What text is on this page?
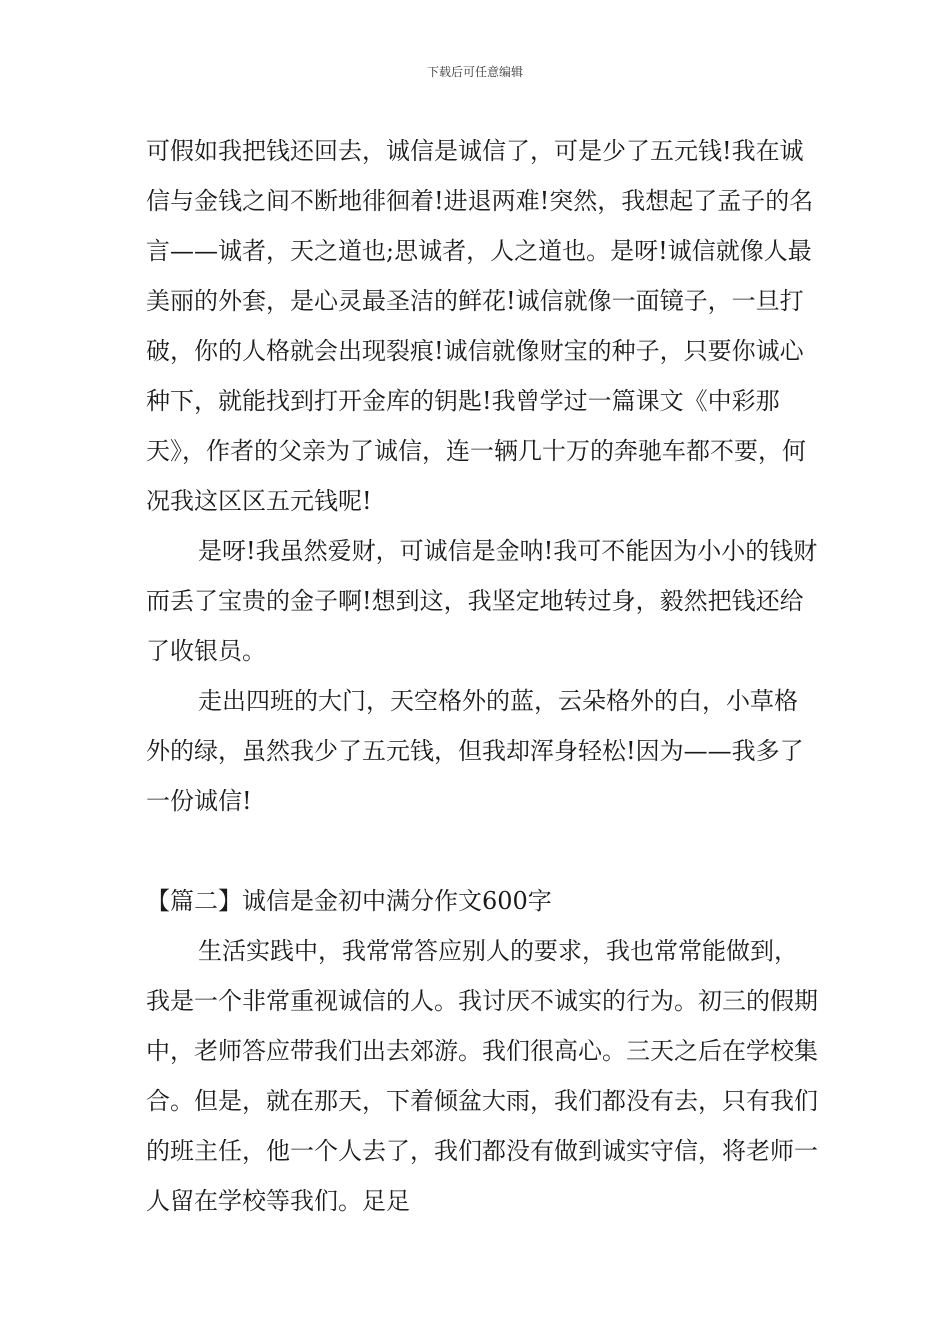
下载后可任意编辑

可假如我把钱还回去，诚信是诚信了，可是少了五元钱!我在诚信与金钱之间不断地徘徊着!进退两难!突然，我想起了孟子的名言——诚者，天之道也;思诚者，人之道也。是呀!诚信就像人最美丽的外套，是心灵最圣洁的鲜花!诚信就像一面镜子，一旦打破，你的人格就会出现裂痕!诚信就像财宝的种子，只要你诚心种下，就能找到打开金库的钥匙!我曾学过一篇课文《中彩那天》，作者的父亲为了诚信，连一辆几十万的奔驰车都不要，何况我这区区五元钱呢!

是呀!我虽然爱财，可诚信是金呐!我可不能因为小小的钱财而丢了宝贵的金子啊!想到这，我坚定地转过身，毅然把钱还给了收银员。

走出四班的大门，天空格外的蓝，云朵格外的白，小草格外的绿，虽然我少了五元钱，但我却浑身轻松!因为——我多了一份诚信!

【篇二】诚信是金初中满分作文600字

生活实践中，我常常答应别人的要求，我也常常能做到，我是一个非常重视诚信的人。我讨厌不诚实的行为。初三的假期中，老师答应带我们出去郊游。我们很高心。三天之后在学校集合。但是，就在那天，下着倾盆大雨，我们都没有去，只有我们的班主任，他一个人去了，我们都没有做到诚实守信，将老师一人留在学校等我们。足足
